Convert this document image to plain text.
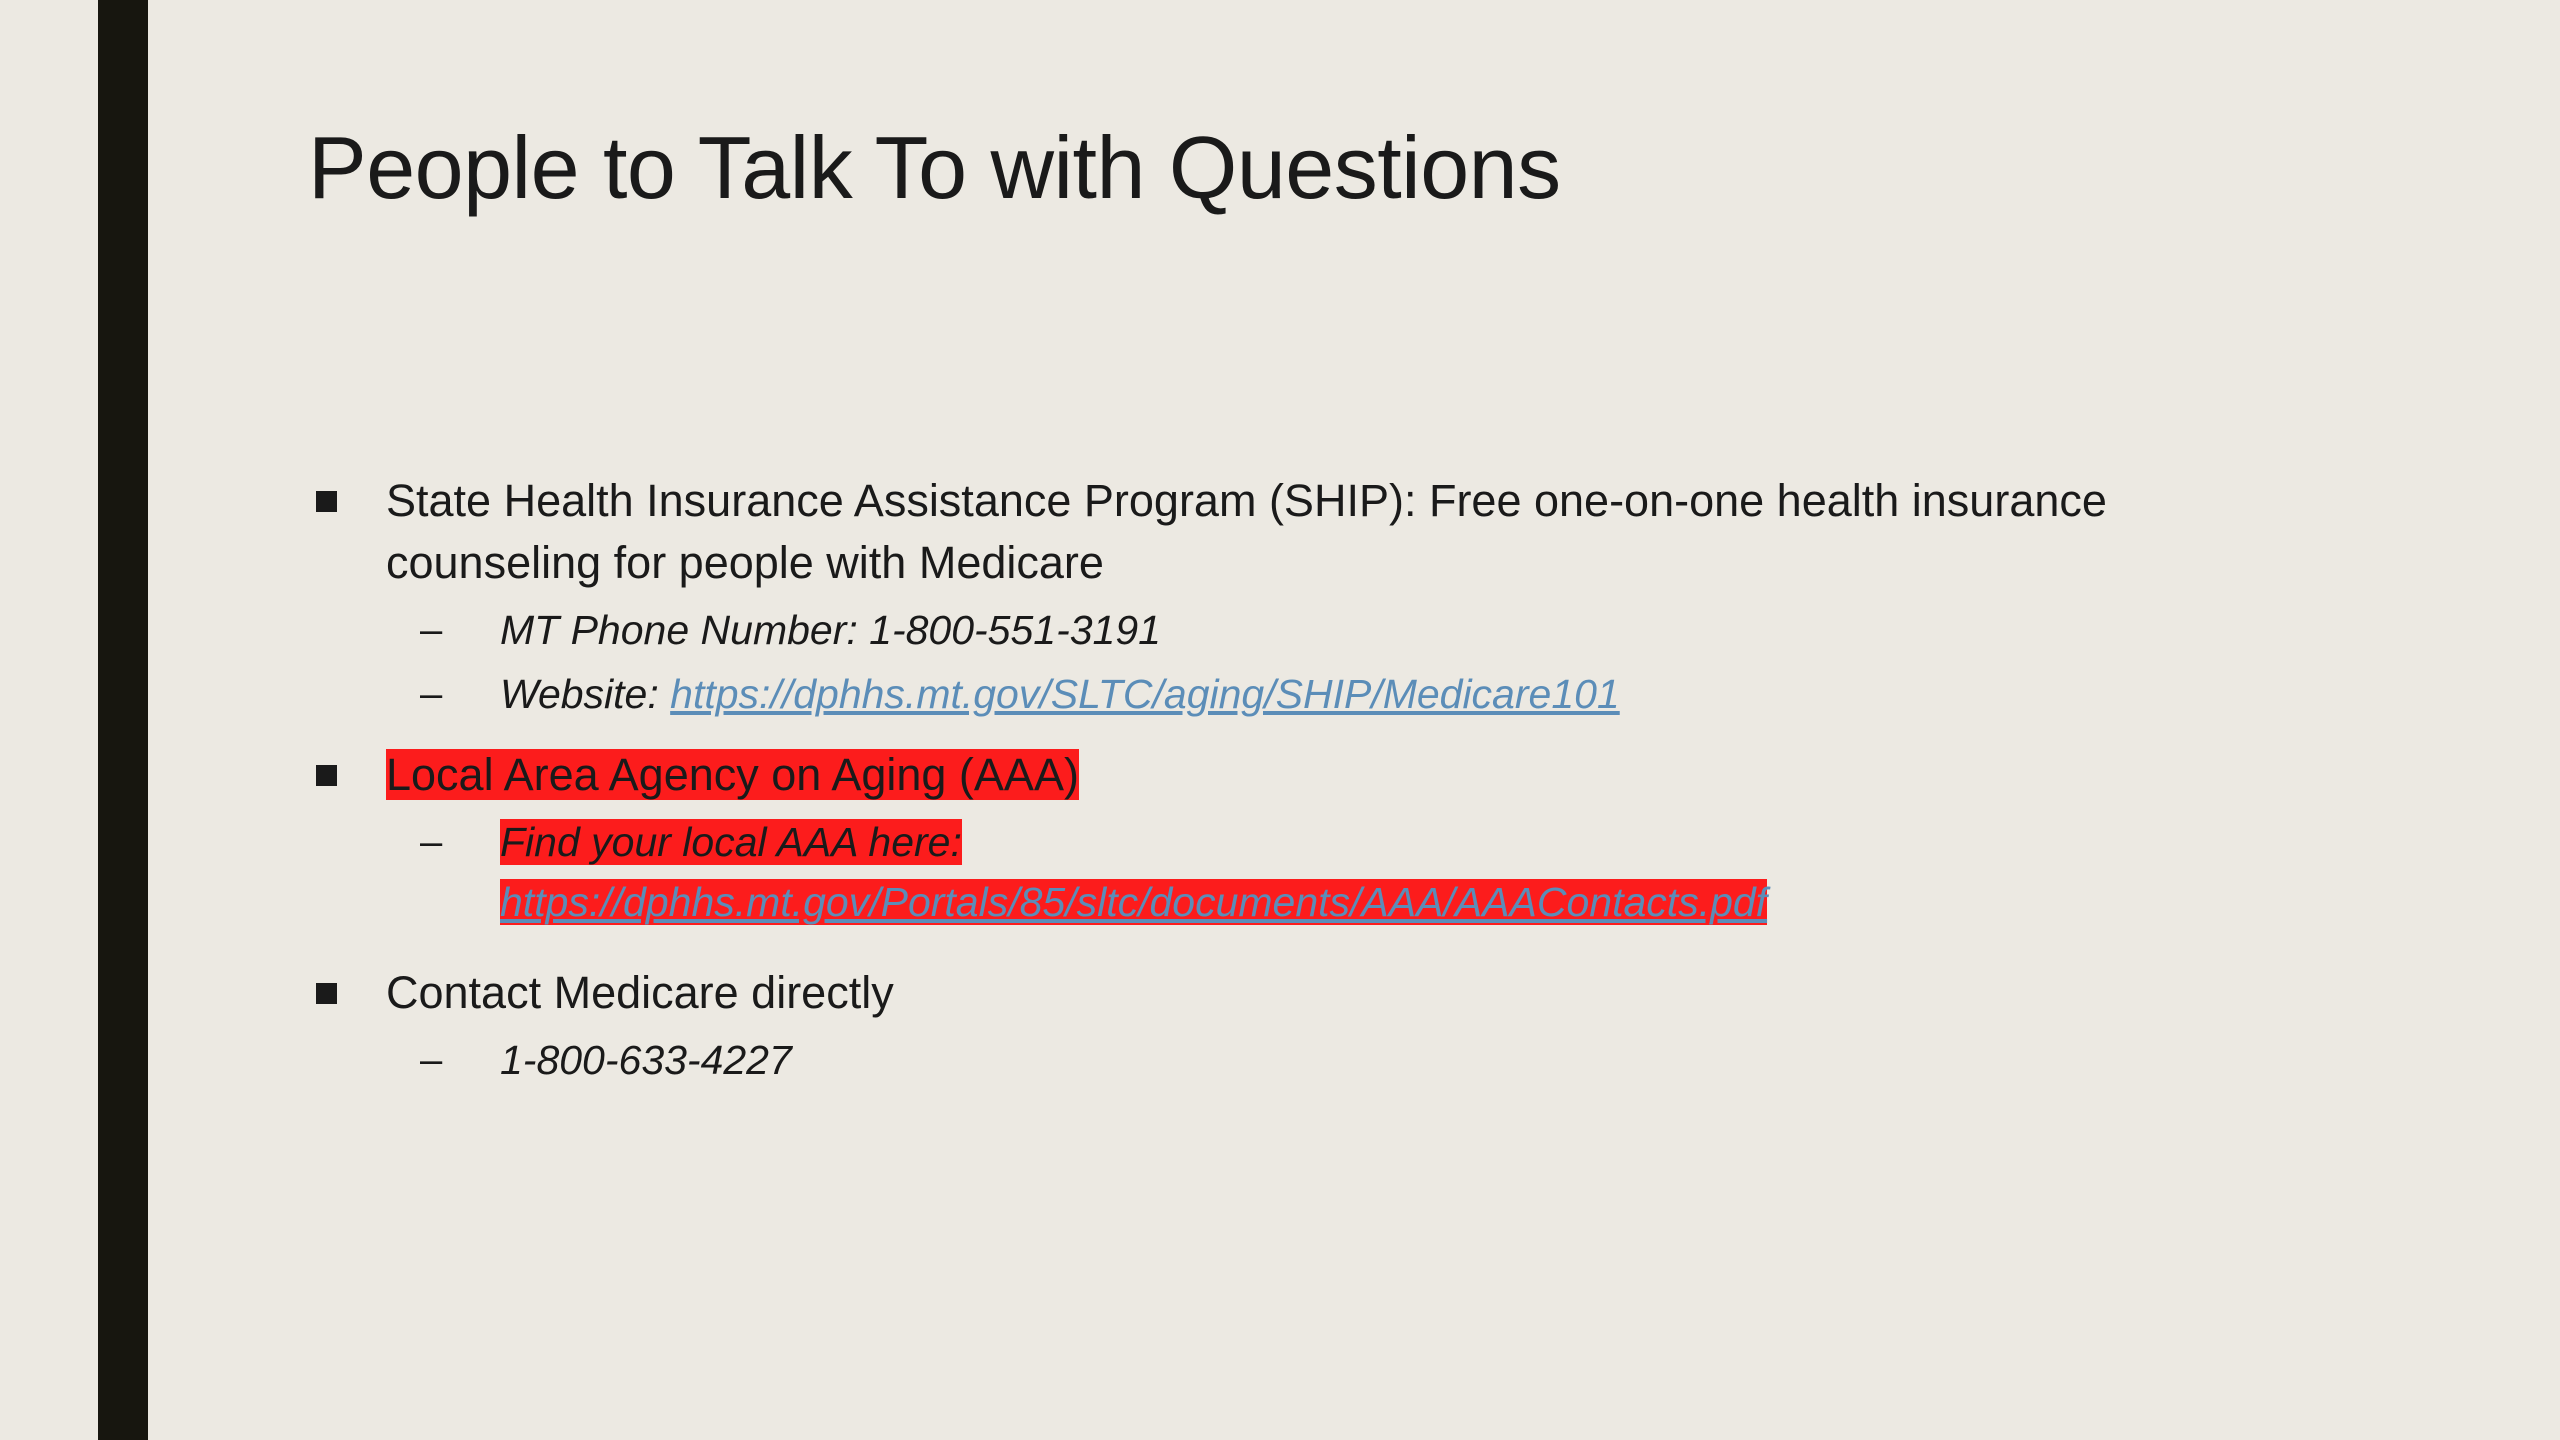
People to Talk To with Questions
State Health Insurance Assistance Program (SHIP): Free one-on-one health insurance counseling for people with Medicare
–	MT Phone Number: 1-800-551-3191
–	Website: https://dphhs.mt.gov/SLTC/aging/SHIP/Medicare101
Local Area Agency on Aging (AAA)
–	Find your local AAA here:
https://dphhs.mt.gov/Portals/85/sltc/documents/AAA/AAAContacts.pdf
Contact Medicare directly
–	1-800-633-4227
